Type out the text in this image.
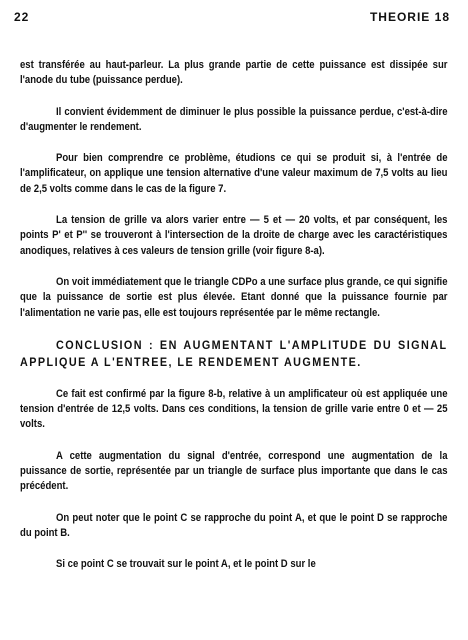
22	THEORIE 18

est transférée au haut-parleur. La plus grande partie de cette puissance est dissipée sur l'anode du tube (puissance perdue).

Il convient évidemment de diminuer le plus possible la puissance perdue, c'est-à-dire d'augmenter le rendement.

Pour bien comprendre ce problème, étudions ce qui se produit si, à l'entrée de l'amplificateur, on applique une tension alternative d'une valeur maximum de 7,5 volts au lieu de 2,5 volts comme dans le cas de la figure 7.

La tension de grille va alors varier entre — 5 et — 20 volts, et par conséquent, les points P' et P'' se trouveront à l'intersection de la droite de charge avec les caractéristiques anodiques, relatives à ces valeurs de tension grille (voir figure 8-a).

On voit immédiatement que le triangle CDPo a une surface plus grande, ce qui signifie que la puissance de sortie est plus élevée. Etant donné que la puissance fournie par l'alimentation ne varie pas, elle est toujours représentée par le même rectangle.

CONCLUSION : EN AUGMENTANT L'AMPLITUDE DU SIGNAL APPLIQUE A L'ENTREE, LE RENDEMENT AUGMENTE.

Ce fait est confirmé par la figure 8-b, relative à un amplificateur où est appliquée une tension d'entrée de 12,5 volts. Dans ces conditions, la tension de grille varie entre 0 et — 25 volts.

A cette augmentation du signal d'entrée, correspond une augmentation de la puissance de sortie, représentée par un triangle de surface plus importante que dans le cas précédent.

On peut noter que le point C se rapproche du point A, et que le point D se rapproche du point B.

Si ce point C se trouvait sur le point A, et le point D sur le
